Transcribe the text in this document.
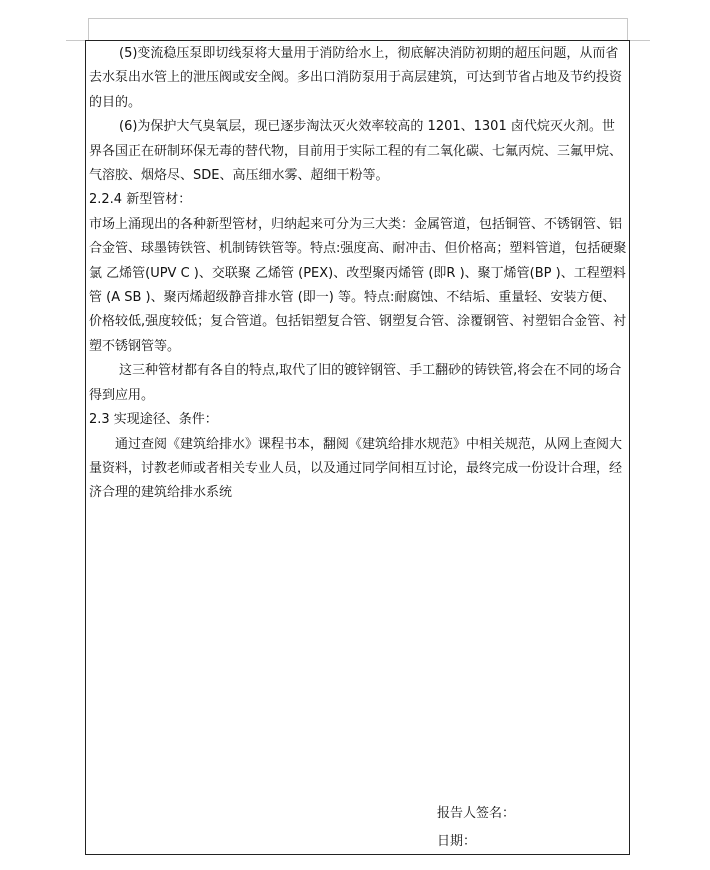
(5)变流稳压泵即切线泵将大量用于消防给水上，彻底解决消防初期的超压问题，从而省去水泵出水管上的泄压阀或安全阀。多出口消防泵用于高层建筑，可达到节省占地及节约投资的目的。

(6)为保护大气臭氧层，现已逐步淘汰灭火效率较高的 1201、1301 卤代烷灭火剂。世界各国正在研制环保无毒的替代物，目前用于实际工程的有二氧化碳、七氟丙烷、三氟甲烷、气溶胶、烟烙尽、SDE、高压细水雾、超细干粉等。

2.2.4 新型管材：

市场上涌现出的各种新型管材，归纳起来可分为三大类：金属管道，包括铜管、不锈钢管、铝合金管、球墨铸铁管、机制铸铁管等。特点:强度高、耐冲击、但价格高；塑料管道，包括硬聚氯 乙烯管(UPV C )、交联聚 乙烯管 (PEX)、改型聚丙烯管 (即R )、聚丁烯管(BP )、工程塑料管 (A SB )、聚丙烯超级静音排水管 (即一) 等。特点:耐腐蚀、不结垢、重量轻、安装方便、价格较低,强度较低；复合管道。包括铝塑复合管、钢塑复合管、涂覆钢管、衬塑铝合金管、衬塑不锈钢管等。

这三种管材都有各自的特点,取代了旧的镀锌钢管、手工翻砂的铸铁管,将会在不同的场合得到应用。

2.3 实现途径、条件：

通过查阅《建筑给排水》课程书本，翻阅《建筑给排水规范》中相关规范，从网上查阅大量资料，讨教老师或者相关专业人员，以及通过同学间相互讨论，最终完成一份设计合理，经济合理的建筑给排水系统

报告人签名：
日期：
